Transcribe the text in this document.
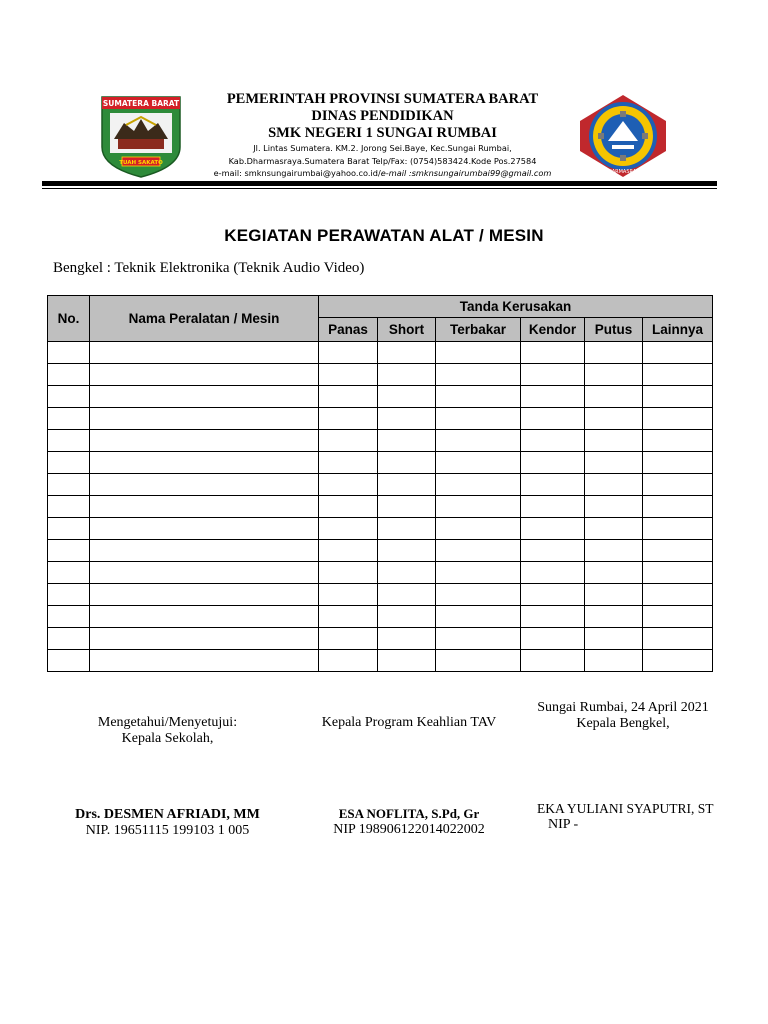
SUMATERA BARAT
TUAH SAKATO
DHARMASRAYA
PEMERINTAH PROVINSI SUMATERA BARAT
DINAS PENDIDIKAN
SMK NEGERI 1 SUNGAI RUMBAI
Jl. Lintas Sumatera. KM.2. Jorong Sei.Baye, Kec.Sungai Rumbai,
Kab.Dharmasraya.Sumatera Barat Telp/Fax: (0754)583424.Kode Pos.27584
e-mail: smknsungairumbai@yahoo.co.id/e-mail :smknsungairumbai99@gmail.com
KEGIATAN PERAWATAN ALAT / MESIN
Bengkel : Teknik Elektronika (Teknik Audio Video)
No.	Nama Peralatan / Mesin	Tanda Kerusakan					
		Panas	Short	Terbakar	Kendor	Putus	Lainnya

Mengetahui/Menyetujui:
Kepala Sekolah,
Drs. DESMEN AFRIADI, MM
NIP. 19651115 199103 1 005
Kepala Program Keahlian TAV
ESA NOFLITA, S.Pd, Gr
NIP 198906122014022002
Sungai Rumbai, 24 April 2021
Kepala Bengkel,
EKA YULIANI SYAPUTRI, ST
NIP -
